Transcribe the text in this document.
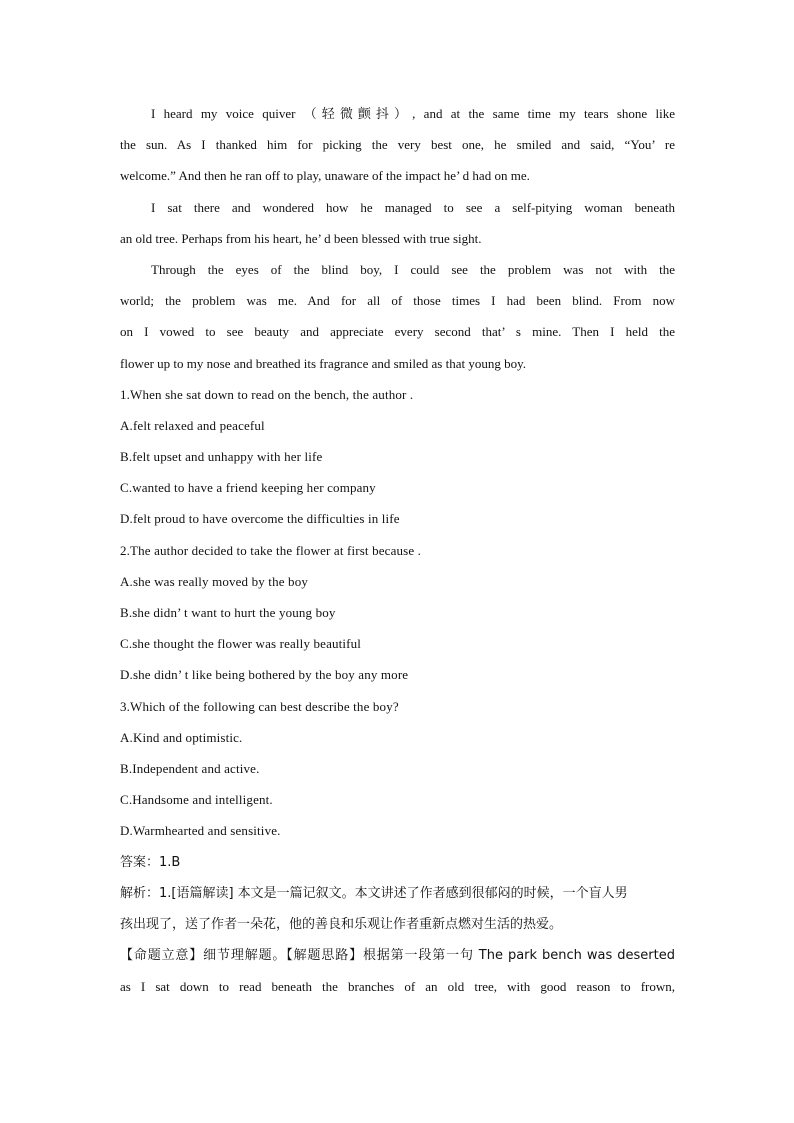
I heard my voice quiver （轻微颤抖）, and at the same time my tears shone like
the sun. As I thanked him for picking the very best one, he smiled and said, “You’ re
welcome.” And then he ran off to play, unaware of the impact he’ d had on me.
I sat there and wondered how he managed to see a self-pitying woman beneath
an old tree. Perhaps from his heart, he’ d been blessed with true sight.
Through the eyes of the blind boy, I could see the problem was not with the
world; the problem was me. And for all of those times I had been blind. From now
on I vowed to see beauty and appreciate every second that’ s mine. Then I held the
flower up to my nose and breathed its fragrance and smiled as that young boy.
1.When she sat down to read on the bench, the author .
A.felt relaxed and peaceful
B.felt upset and unhappy with her life
C.wanted to have a friend keeping her company
D.felt proud to have overcome the difficulties in life
2.The author decided to take the flower at first because .
A.she was really moved by the boy
B.she didn’ t want to hurt the young boy
C.she thought the flower was really beautiful
D.she didn’ t like being bothered by the boy any more
3.Which of the following can best describe the boy?
A.Kind and optimistic.
B.Independent and active.
C.Handsome and intelligent.
D.Warmhearted and sensitive.
答案：1.B
解析：1.[语篇解读] 本文是一篇记叙文。本文讲述了作者感到很郁闷的时候，一个盲人男
孩出现了，送了作者一朵花，他的善良和乐观让作者重新点燃对生活的热爱。
【命题立意】细节理解题。【解题思路】根据第一段第一句 The park bench was deserted
as I sat down to read beneath the branches of an old tree, with good reason to frown,
